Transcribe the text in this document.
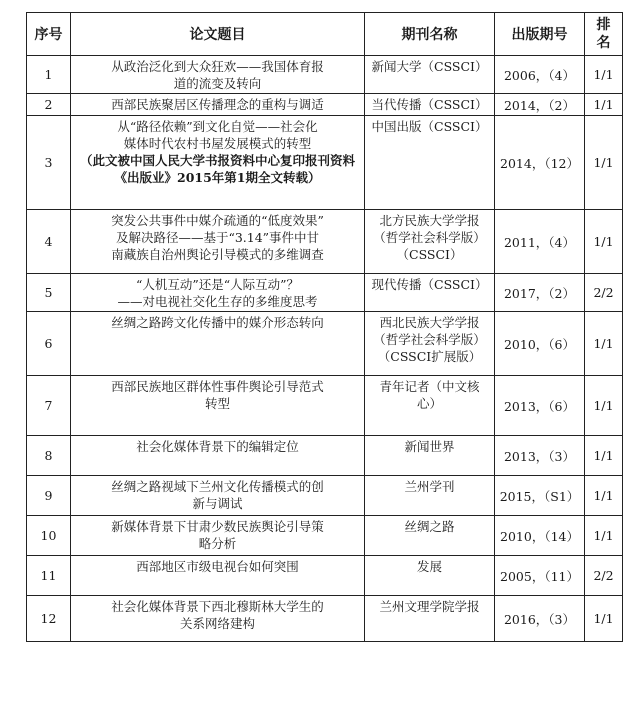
序号	论文题目	期刊名称	出版期号	排
名

1	从政治泛化到大众狂欢——我国体育报
道的流变及转向	新闻大学（CSSCI）	2006，（4）	1/1
2	西部民族聚居区传播理念的重构与调适	当代传播（CSSCI）	2014，（2）	1/1
3	从“路径依赖”到文化自觉——社会化
媒体时代农村书屋发展模式的转型
（此文被中国人民大学书报资料中心复印报刊资料《出版业》2015年第1期全文转载）	中国出版（CSSCI）	2014，（12）	1/1
4	突发公共事件中媒介疏通的“低度效果”
及解决路径——基于“3.14”事件中甘
南藏族自治州舆论引导模式的多维调查	北方民族大学学报
（哲学社会科学版）
（CSSCI）	2011，（4）	1/1
5	“人机互动”还是“人际互动”？
——对电视社交化生存的多维度思考	现代传播（CSSCI）	2017，（2）	2/2
6	丝绸之路跨文化传播中的媒介形态转向	西北民族大学学报
（哲学社会科学版）
（CSSCI扩展版）	2010，（6）	1/1
7	西部民族地区群体性事件舆论引导范式
转型	青年记者（中文核
心）	2013，（6）	1/1
8	社会化媒体背景下的编辑定位	新闻世界	2013，（3）	1/1
9	丝绸之路视域下兰州文化传播模式的创
新与调试	兰州学刊	2015，（S1）	1/1
10	新媒体背景下甘肃少数民族舆论引导策
略分析	丝绸之路	2010，（14）	1/1
11	西部地区市级电视台如何突围	发展	2005，（11）	2/2
12	社会化媒体背景下西北穆斯林大学生的
关系网络建构	兰州文理学院学报	2016，（3）	1/1
